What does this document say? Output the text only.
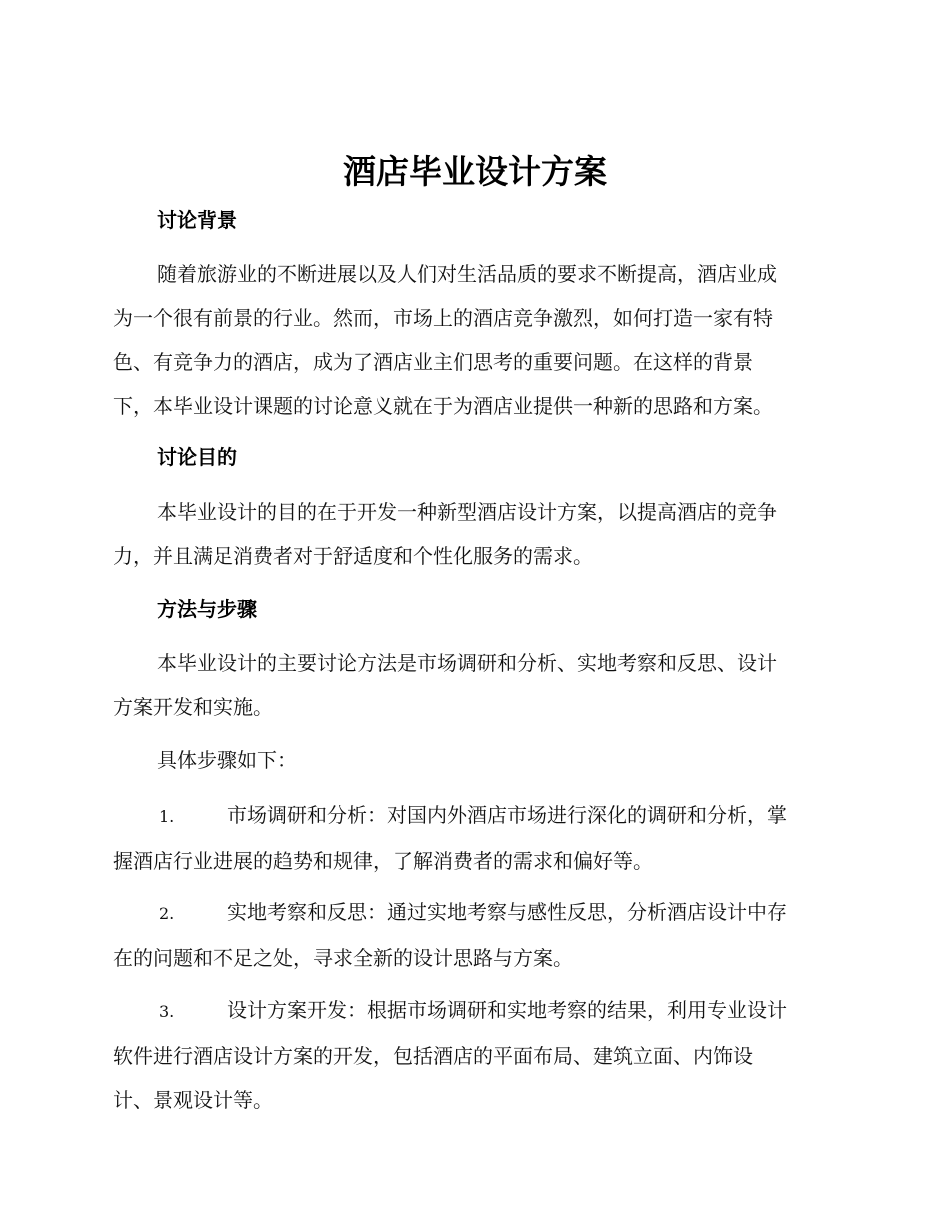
酒店毕业设计方案
讨论背景
随着旅游业的不断进展以及人们对生活品质的要求不断提高，酒店业成
为一个很有前景的行业。然而，市场上的酒店竞争激烈，如何打造一家有特
色、有竞争力的酒店，成为了酒店业主们思考的重要问题。在这样的背景
下，本毕业设计课题的讨论意义就在于为酒店业提供一种新的思路和方案。
讨论目的
本毕业设计的目的在于开发一种新型酒店设计方案，以提高酒店的竞争
力，并且满足消费者对于舒适度和个性化服务的需求。
方法与步骤
本毕业设计的主要讨论方法是市场调研和分析、实地考察和反思、设计
方案开发和实施。
具体步骤如下：
1.	市场调研和分析：对国内外酒店市场进行深化的调研和分析，掌
握酒店行业进展的趋势和规律，了解消费者的需求和偏好等。
2.	实地考察和反思：通过实地考察与感性反思，分析酒店设计中存
在的问题和不足之处，寻求全新的设计思路与方案。
3.	设计方案开发：根据市场调研和实地考察的结果，利用专业设计
软件进行酒店设计方案的开发，包括酒店的平面布局、建筑立面、内饰设
计、景观设计等。
